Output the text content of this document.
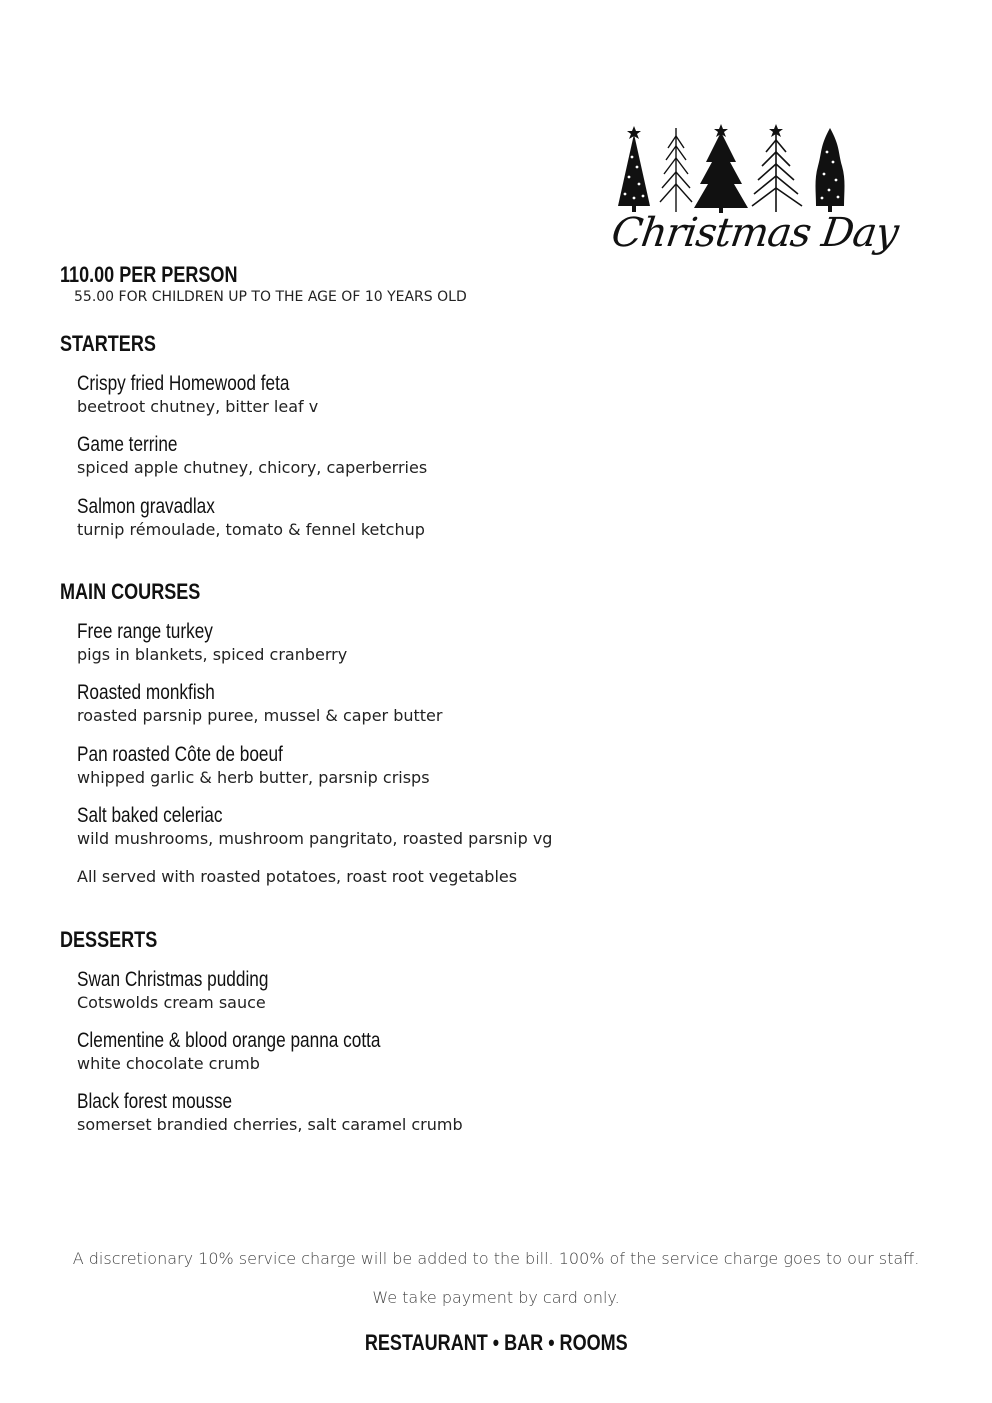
Christmas Day
110.00 PER PERSON
55.00 FOR CHILDREN UP TO THE AGE OF 10 YEARS OLD
STARTERS
Crispy fried Homewood feta
beetroot chutney, bitter leaf v
Game terrine
spiced apple chutney, chicory, caperberries
Salmon gravadlax
turnip rémoulade, tomato & fennel ketchup
MAIN COURSES
Free range turkey
pigs in blankets, spiced cranberry
Roasted monkfish
roasted parsnip puree, mussel & caper butter
Pan roasted Côte de boeuf
whipped garlic & herb butter, parsnip crisps
Salt baked celeriac
wild mushrooms, mushroom pangritato, roasted parsnip vg
All served with roasted potatoes, roast root vegetables
DESSERTS
Swan Christmas pudding
Cotswolds cream sauce
Clementine & blood orange panna cotta
white chocolate crumb
Black forest mousse
somerset brandied cherries, salt caramel crumb
A discretionary 10% service charge will be added to the bill. 100% of the service charge goes to our staff.
We take payment by card only.
RESTAURANT • BAR • ROOMS
